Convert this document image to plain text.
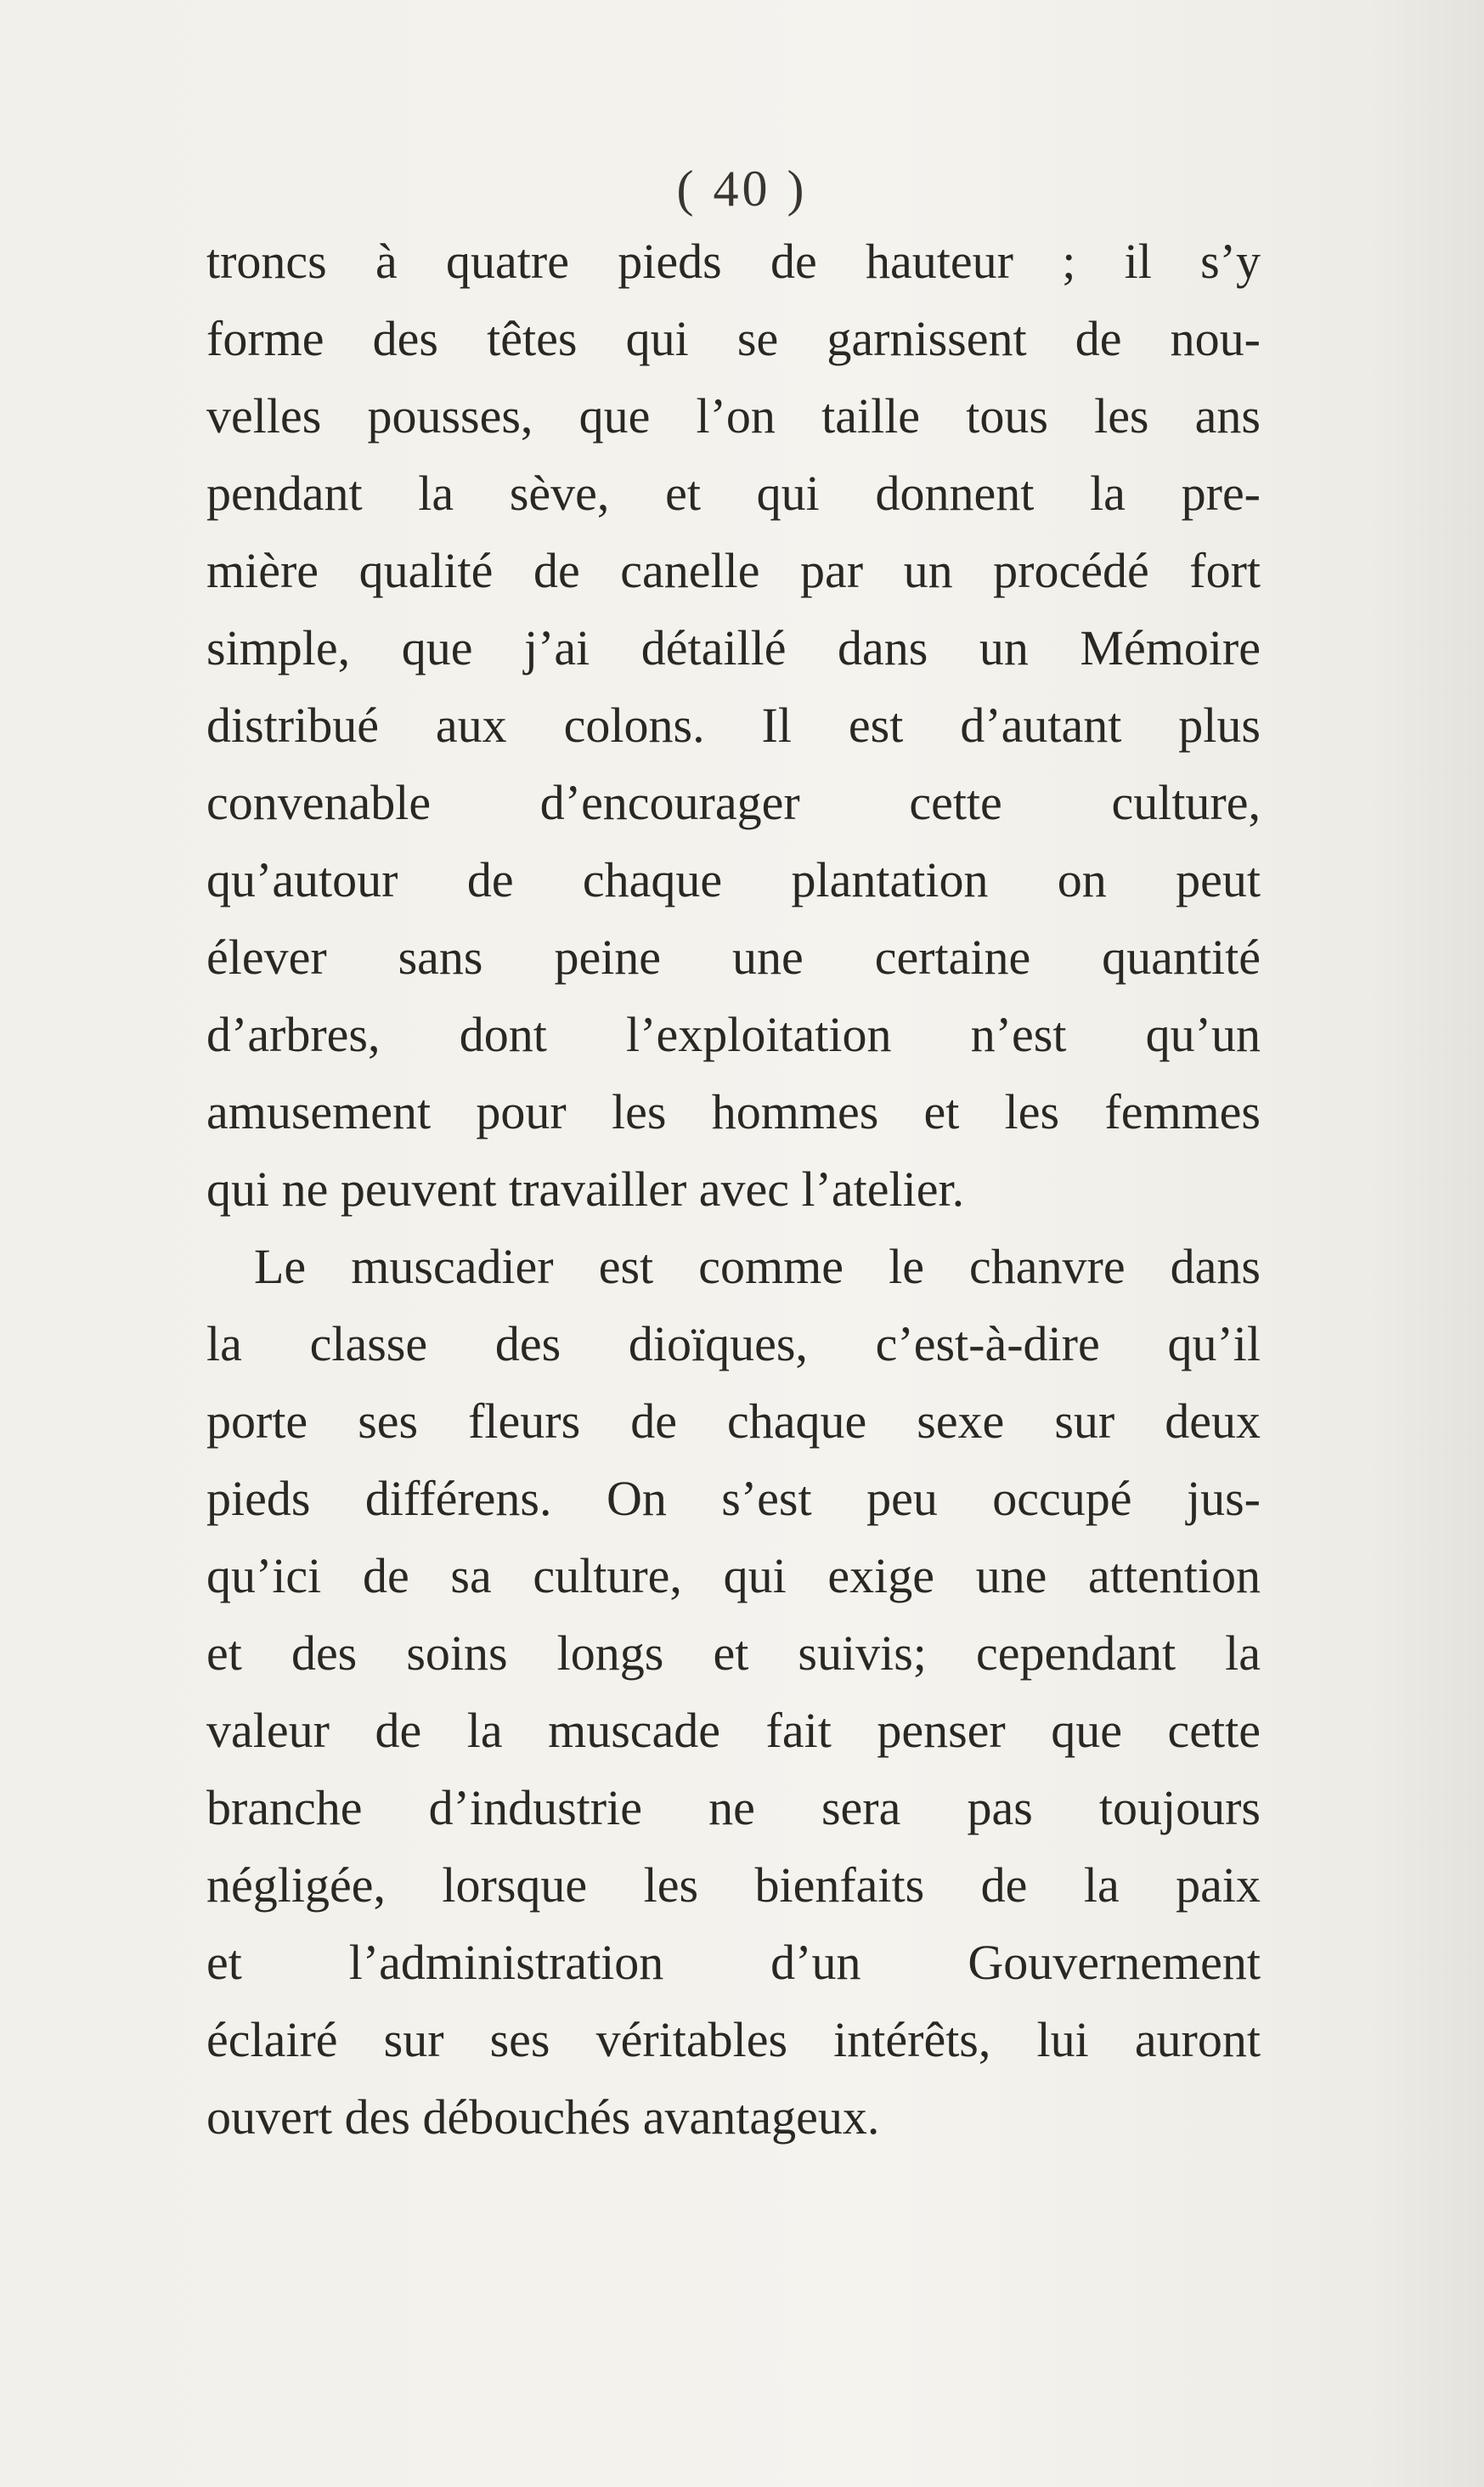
( 40 )
troncs à quatre pieds de hauteur ; il s’y
forme des têtes qui se garnissent de nou-
velles pousses, que l’on taille tous les ans
pendant la sève, et qui donnent la pre-
mière qualité de canelle par un procédé fort
simple, que j’ai détaillé dans un Mémoire
distribué aux colons. Il est d’autant plus
convenable d’encourager cette culture,
qu’autour de chaque plantation on peut
élever sans peine une certaine quantité
d’arbres, dont l’exploitation n’est qu’un
amusement pour les hommes et les femmes
qui ne peuvent travailler avec l’atelier.
Le muscadier est comme le chanvre dans
la classe des dioïques, c’est-à-dire qu’il
porte ses fleurs de chaque sexe sur deux
pieds différens. On s’est peu occupé jus-
qu’ici de sa culture, qui exige une attention
et des soins longs et suivis; cependant la
valeur de la muscade fait penser que cette
branche d’industrie ne sera pas toujours
négligée, lorsque les bienfaits de la paix
et l’administration d’un Gouvernement
éclairé sur ses véritables intérêts, lui auront
ouvert des débouchés avantageux.
